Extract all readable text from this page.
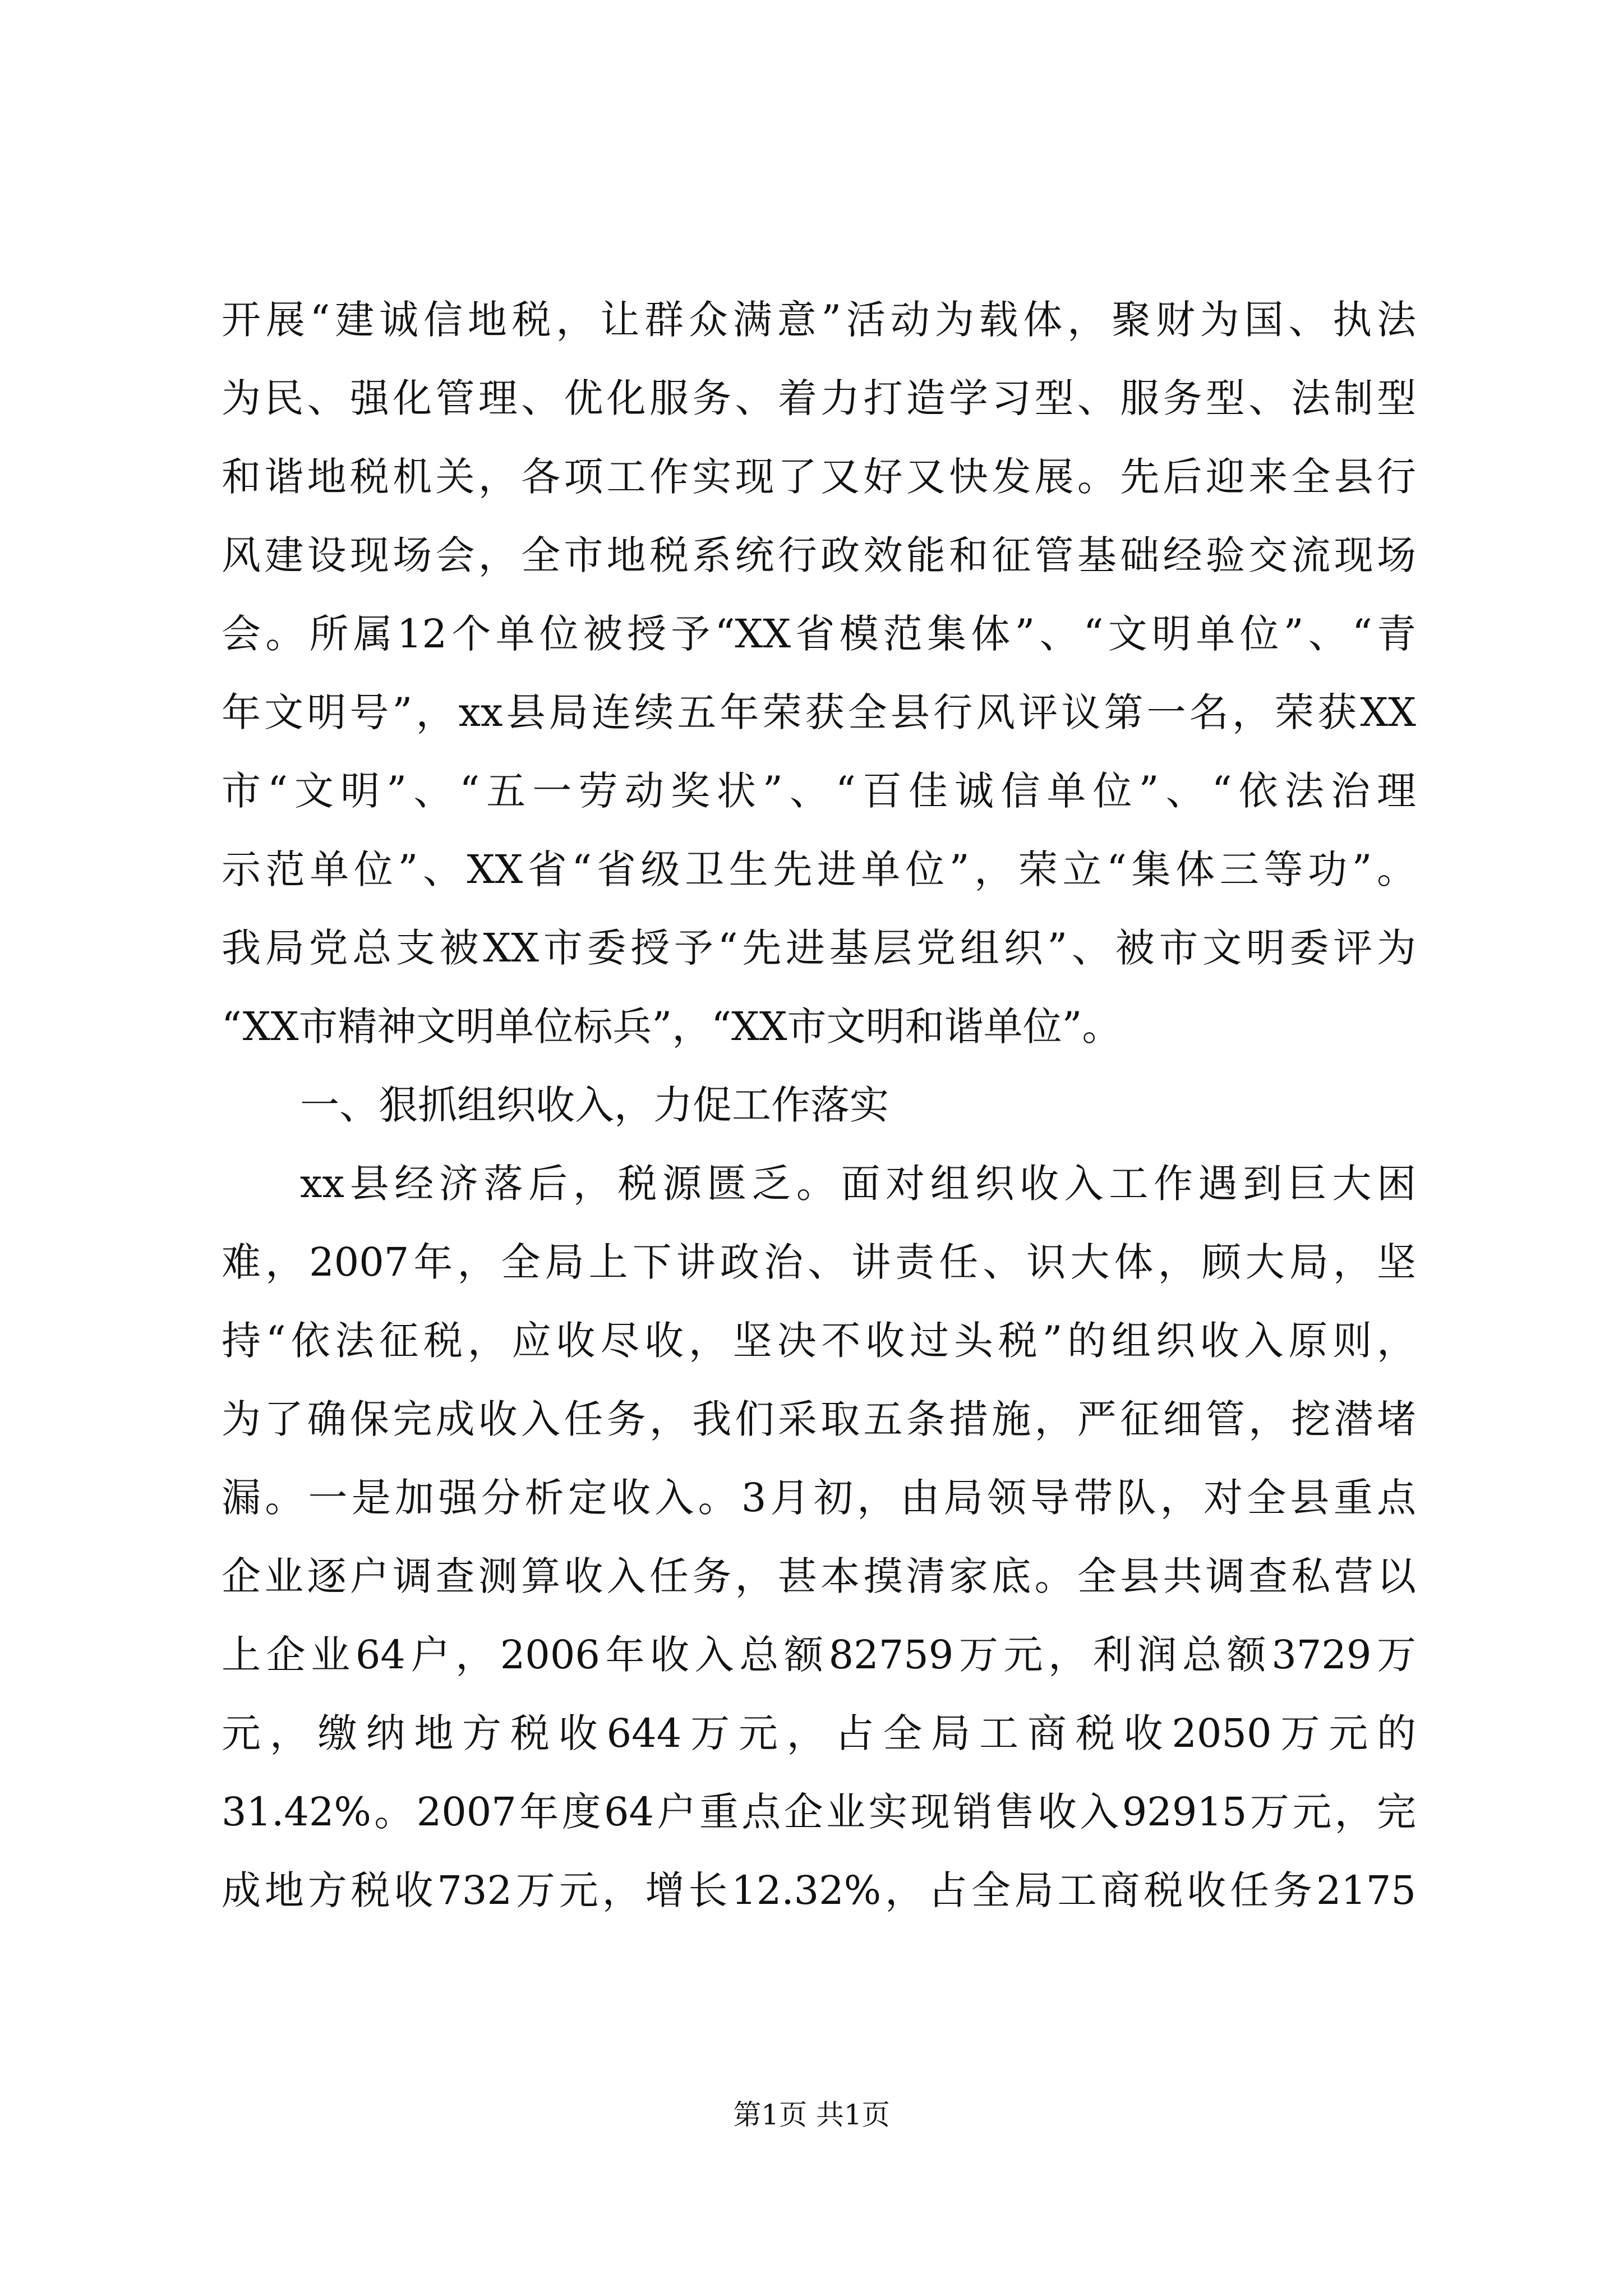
开展“建诚信地税，让群众满意”活动为载体，聚财为国、执法
为民、强化管理、优化服务、着力打造学习型、服务型、法制型
和谐地税机关，各项工作实现了又好又快发展。先后迎来全县行
风建设现场会，全市地税系统行政效能和征管基础经验交流现场
会。所属12个单位被授予“XX省模范集体”、“文明单位”、“青
年文明号”，xx县局连续五年荣获全县行风评议第一名，荣获XX
市“文明”、“五一劳动奖状”、“百佳诚信单位”、“依法治理
示范单位”、XX省“省级卫生先进单位”，荣立“集体三等功”。
我局党总支被XX市委授予“先进基层党组织”、被市文明委评为
“XX市精神文明单位标兵”，“XX市文明和谐单位”。
一、狠抓组织收入，力促工作落实
xx县经济落后，税源匮乏。面对组织收入工作遇到巨大困
难，2007年，全局上下讲政治、讲责任、识大体，顾大局，坚
持“依法征税，应收尽收，坚决不收过头税”的组织收入原则，
为了确保完成收入任务，我们采取五条措施，严征细管，挖潜堵
漏。一是加强分析定收入。3月初，由局领导带队，对全县重点
企业逐户调查测算收入任务，甚本摸清家底。全县共调查私营以
上企业64户，2006年收入总额82759万元，利润总额3729万
元，缴纳地方税收644万元，占全局工商税收2050万元的
31.42%。2007年度64户重点企业实现销售收入92915万元，完
成地方税收732万元，增长12.32%，占全局工商税收任务2175
第1页 共1页
